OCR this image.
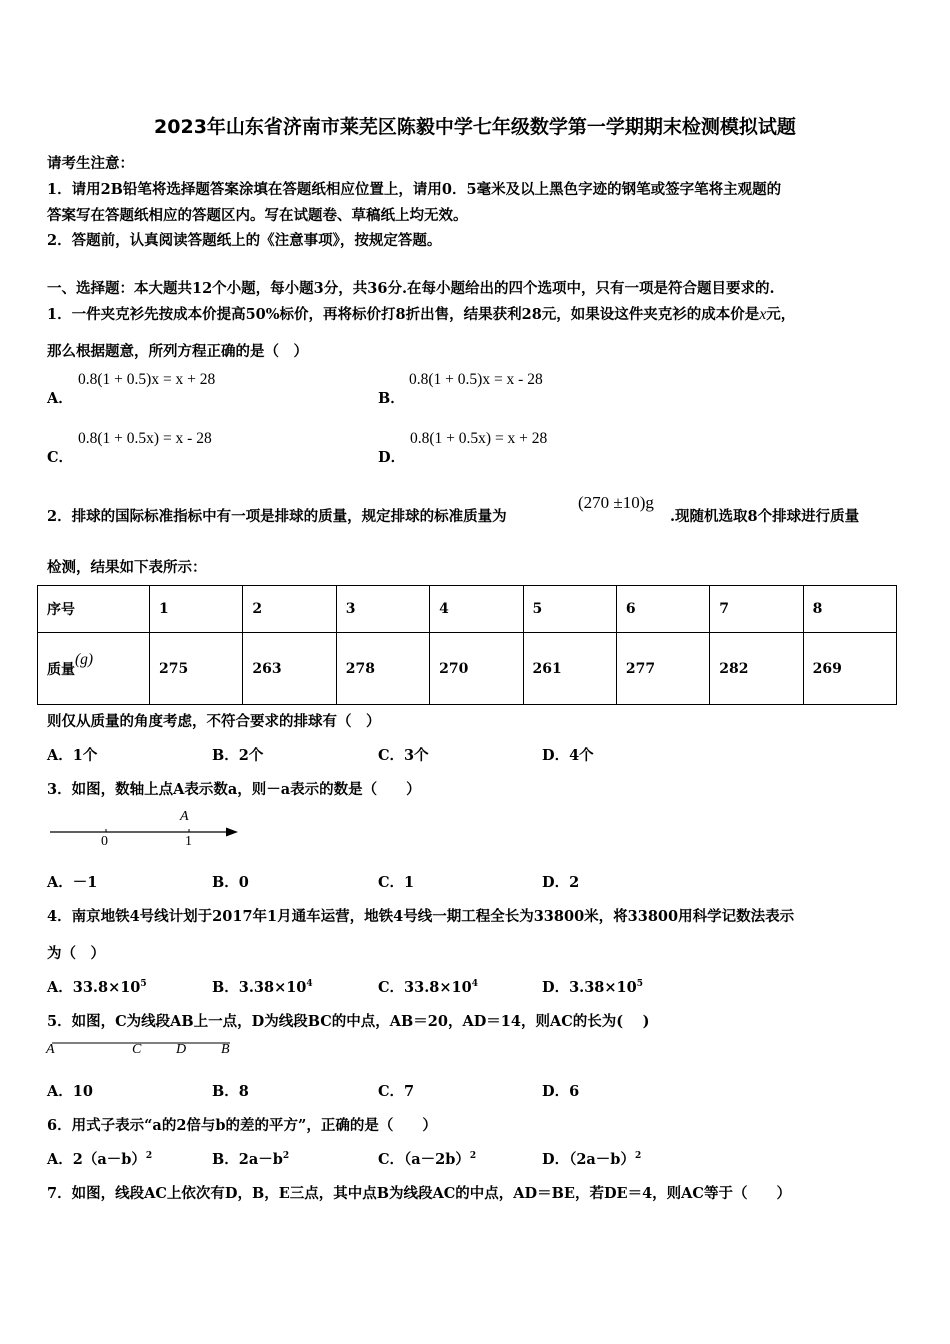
2023年山东省济南市莱芜区陈毅中学七年级数学第一学期期末检测模拟试题
请考生注意：
1．请用2B铅笔将选择题答案涂填在答题纸相应位置上，请用0．5毫米及以上黑色字迹的钢笔或签字笔将主观题的
答案写在答题纸相应的答题区内。写在试题卷、草稿纸上均无效。
2．答题前，认真阅读答题纸上的《注意事项》，按规定答题。
一、选择题：本大题共12个小题，每小题3分，共36分.在每小题给出的四个选项中，只有一项是符合题目要求的.
1．一件夹克衫先按成本价提高50%标价，再将标价打8折出售，结果获利28元，如果设这件夹克衫的成本价是x元，
那么根据题意，所列方程正确的是（　）
A．
0.8(1 + 0.5)x = x + 28
B．
0.8(1 + 0.5)x = x - 28
C．
0.8(1 + 0.5x) = x - 28
D．
0.8(1 + 0.5x) = x + 28
2．排球的国际标准指标中有一项是排球的质量，规定排球的标准质量为
(270 ±10)g
.现随机选取8个排球进行质量
检测，结果如下表所示：
序号	1	2	3	4	5	6	7	8
质量(g)	275	263	278	270	261	277	282	269
则仅从质量的角度考虑，不符合要求的排球有（　）
A．1个	B．2个	C．3个	D．4个
3．如图，数轴上点A表示数a，则－a表示的数是（　　）
A
0	1
A．－1	B．0	C．1	D．2
4．南京地铁4号线计划于2017年1月通车运营，地铁4号线一期工程全长为33800米，将33800用科学记数法表示
为（　）
A．$33.8\times 10^5$	B．$3.38\times 10^4$	C．$33.8\times 10^4$	D．$3.38\times 10^5$
5．如图，C为线段AB上一点，D为线段BC的中点，AB＝20，AD＝14，则AC的长为(　 )
A	C D B
A．10	B．8	C．7	D．6
6．用式子表示“a的2倍与b的差的平方”，正确的是（　　）
A．$2(a-b)^2$	B．$2a-b^2$	C．$(a-2b)^2$	D．$(2a-b)^2$
7．如图，线段AC上依次有D，B，E三点，其中点B为线段AC的中点，AD＝BE，若DE＝4，则AC等于（　　）
